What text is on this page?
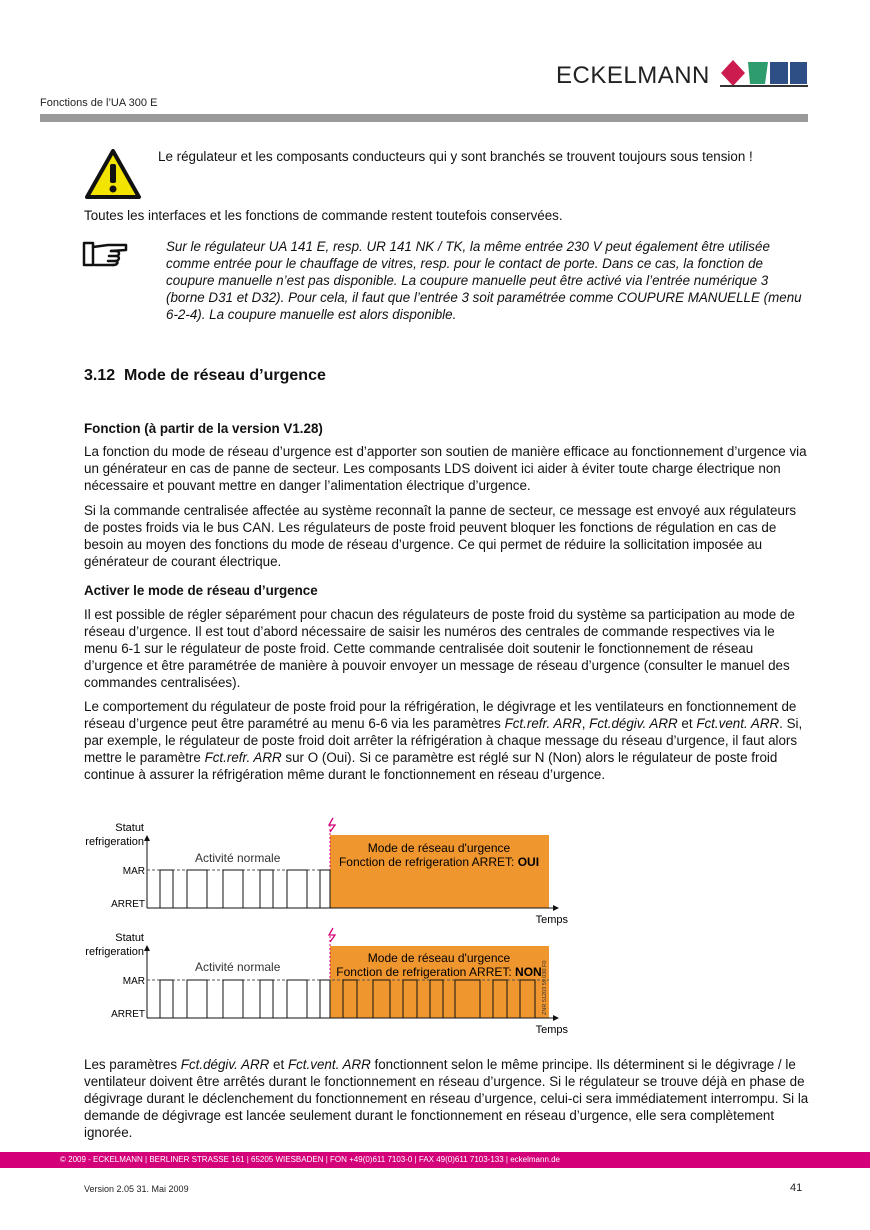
ECKELMANN
Fonctions de l’UA 300 E
Le régulateur et les composants conducteurs qui y sont branchés se trouvent toujours sous tension !

Toutes les interfaces et les fonctions de commande restent toutefois conservées.

Sur le régulateur UA 141 E, resp. UR 141 NK / TK, la même entrée 230 V peut également être utilisée comme entrée pour le chauffage de vitres, resp. pour le contact de porte. Dans ce cas, la fonction de coupure manuelle n’est pas disponible. La coupure manuelle peut être activé via l’entrée numérique 3 (borne D31 et D32). Pour cela, il faut que l’entrée 3 soit paramétrée comme COUPURE MANUELLE (menu 6-2-4). La coupure manuelle est alors disponible.

3.12 Mode de réseau d’urgence
Fonction (à partir de la version V1.28)

La fonction du mode de réseau d’urgence est d’apporter son soutien de manière efficace au fonctionnement d’urgence via un générateur en cas de panne de secteur. Les composants LDS doivent ici aider à éviter toute charge électrique non nécessaire et pouvant mettre en danger l’alimentation électrique d’urgence.

Si la commande centralisée affectée au système reconnaît la panne de secteur, ce message est envoyé aux régulateurs de postes froids via le bus CAN. Les régulateurs de poste froid peuvent bloquer les fonctions de régulation en cas de besoin au moyen des fonctions du mode de réseau d’urgence. Ce qui permet de réduire la sollicitation imposée au générateur de courant électrique.

Activer le mode de réseau d’urgence

Il est possible de régler séparément pour chacun des régulateurs de poste froid du système sa participation au mode de réseau d’urgence. Il est tout d’abord nécessaire de saisir les numéros des centrales de commande respectives via le menu 6-1 sur le régulateur de poste froid. Cette commande centralisée doit soutenir le fonctionnement de réseau d’urgence et être paramétrée de manière à pouvoir envoyer un message de réseau d’urgence (consulter le manuel des commandes centralisées).

Le comportement du régulateur de poste froid pour la réfrigération, le dégivrage et les ventilateurs en fonctionnement de réseau d’urgence peut être paramétré au menu 6-6 via les paramètres Fct.refr. ARR, Fct.dégiv. ARR et Fct.vent. ARR. Si, par exemple, le régulateur de poste froid doit arrêter la réfrigération à chaque message du réseau d’urgence, il faut alors mettre le paramètre Fct.refr. ARR sur O (Oui). Si ce paramètre est réglé sur N (Non) alors le régulateur de poste froid continue à assurer la réfrigération même durant le fonctionnement en réseau d’urgence.

Statut
refrigeration
MAR
ARRET
Activité normale
Mode de réseau d'urgence
Fonction de refrigeration ARRET: OUI
Temps
Statut
refrigeration
MAR
ARRET
Activité normale
Mode de réseau d'urgence
Fonction de refrigeration ARRET: NON
Temps
ZNR 51203 59 030 F0

Les paramètres Fct.dégiv. ARR et Fct.vent. ARR fonctionnent selon le même principe. Ils déterminent si le dégivrage / le ventilateur doivent être arrêtés durant le fonctionnement en réseau d’urgence. Si le régulateur se trouve déjà en phase de dégivrage durant le déclenchement du fonctionnement en réseau d’urgence, celui-ci sera immédiatement interrompu. Si la demande de dégivrage est lancée seulement durant le fonctionnement en réseau d’urgence, elle sera complètement ignorée.

© 2009 - ECKELMANN | BERLINER STRASSE 161 | 65205 WIESBADEN | FON +49(0)611 7103-0 | FAX 49(0)611 7103-133 | eckelmann.de
Version 2.05 31. Mai 2009	41
